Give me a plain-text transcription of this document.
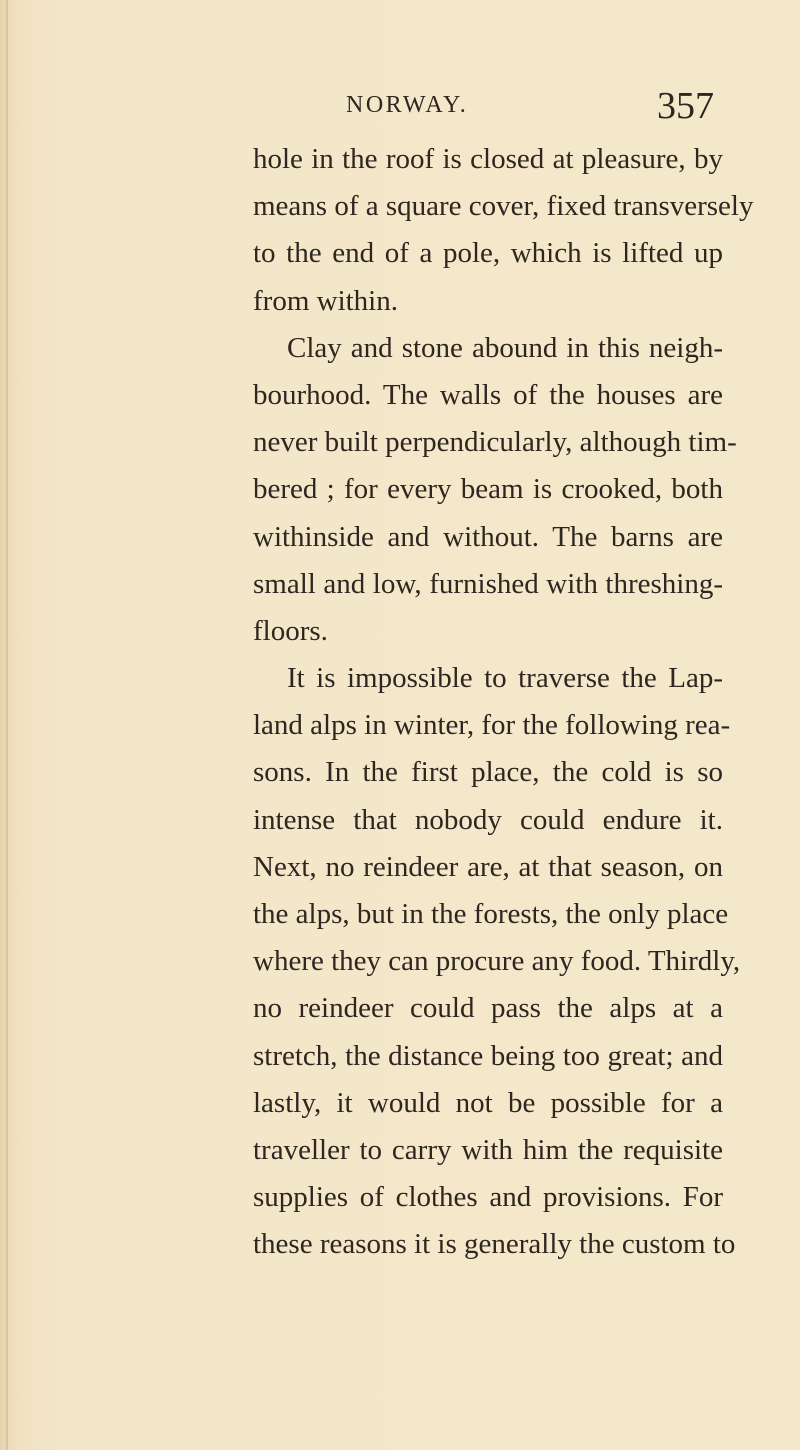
NORWAY.	357
hole in the roof is closed at pleasure, by
means of a square cover, fixed transversely
to the end of a pole, which is lifted up
from within.
Clay and stone abound in this neigh-
bourhood. The walls of the houses are
never built perpendicularly, although tim-
bered ; for every beam is crooked, both
withinside and without. The barns are
small and low, furnished with threshing-
floors.
It is impossible to traverse the Lap-
land alps in winter, for the following rea-
sons. In the first place, the cold is so
intense that nobody could endure it.
Next, no reindeer are, at that season, on
the alps, but in the forests, the only place
where they can procure any food. Thirdly,
no reindeer could pass the alps at a
stretch, the distance being too great; and
lastly, it would not be possible for a
traveller to carry with him the requisite
supplies of clothes and provisions. For
these reasons it is generally the custom to
